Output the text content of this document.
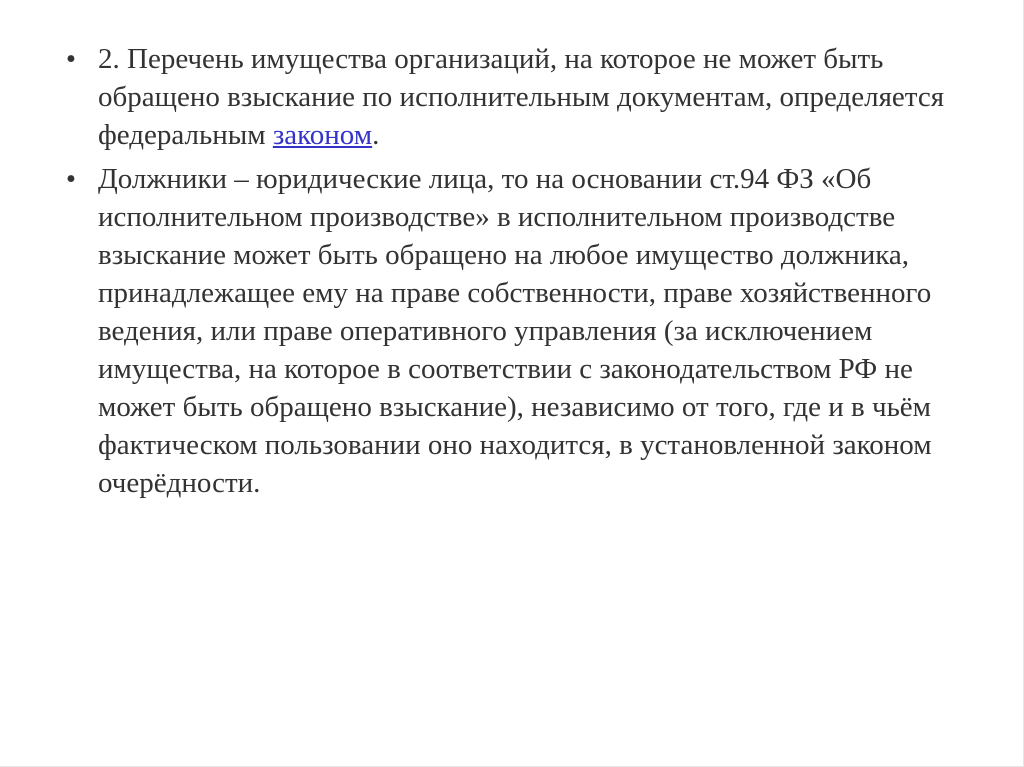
• 2. Перечень имущества организаций, на которое не может быть обращено взыскание по исполнительным документам, определяется федеральным законом.
• Должники – юридические лица, то на основании ст.94 ФЗ «Об исполнительном производстве» в исполнительном производстве взыскание может быть обращено на любое имущество должника, принадлежащее ему на праве собственности, праве хозяйственного ведения, или праве оперативного управления (за исключением имущества, на которое в соответствии с законодательством РФ не может быть обращено взыскание), независимо от того, где и в чьём фактическом пользовании оно находится, в установленной законом очерёдности.
